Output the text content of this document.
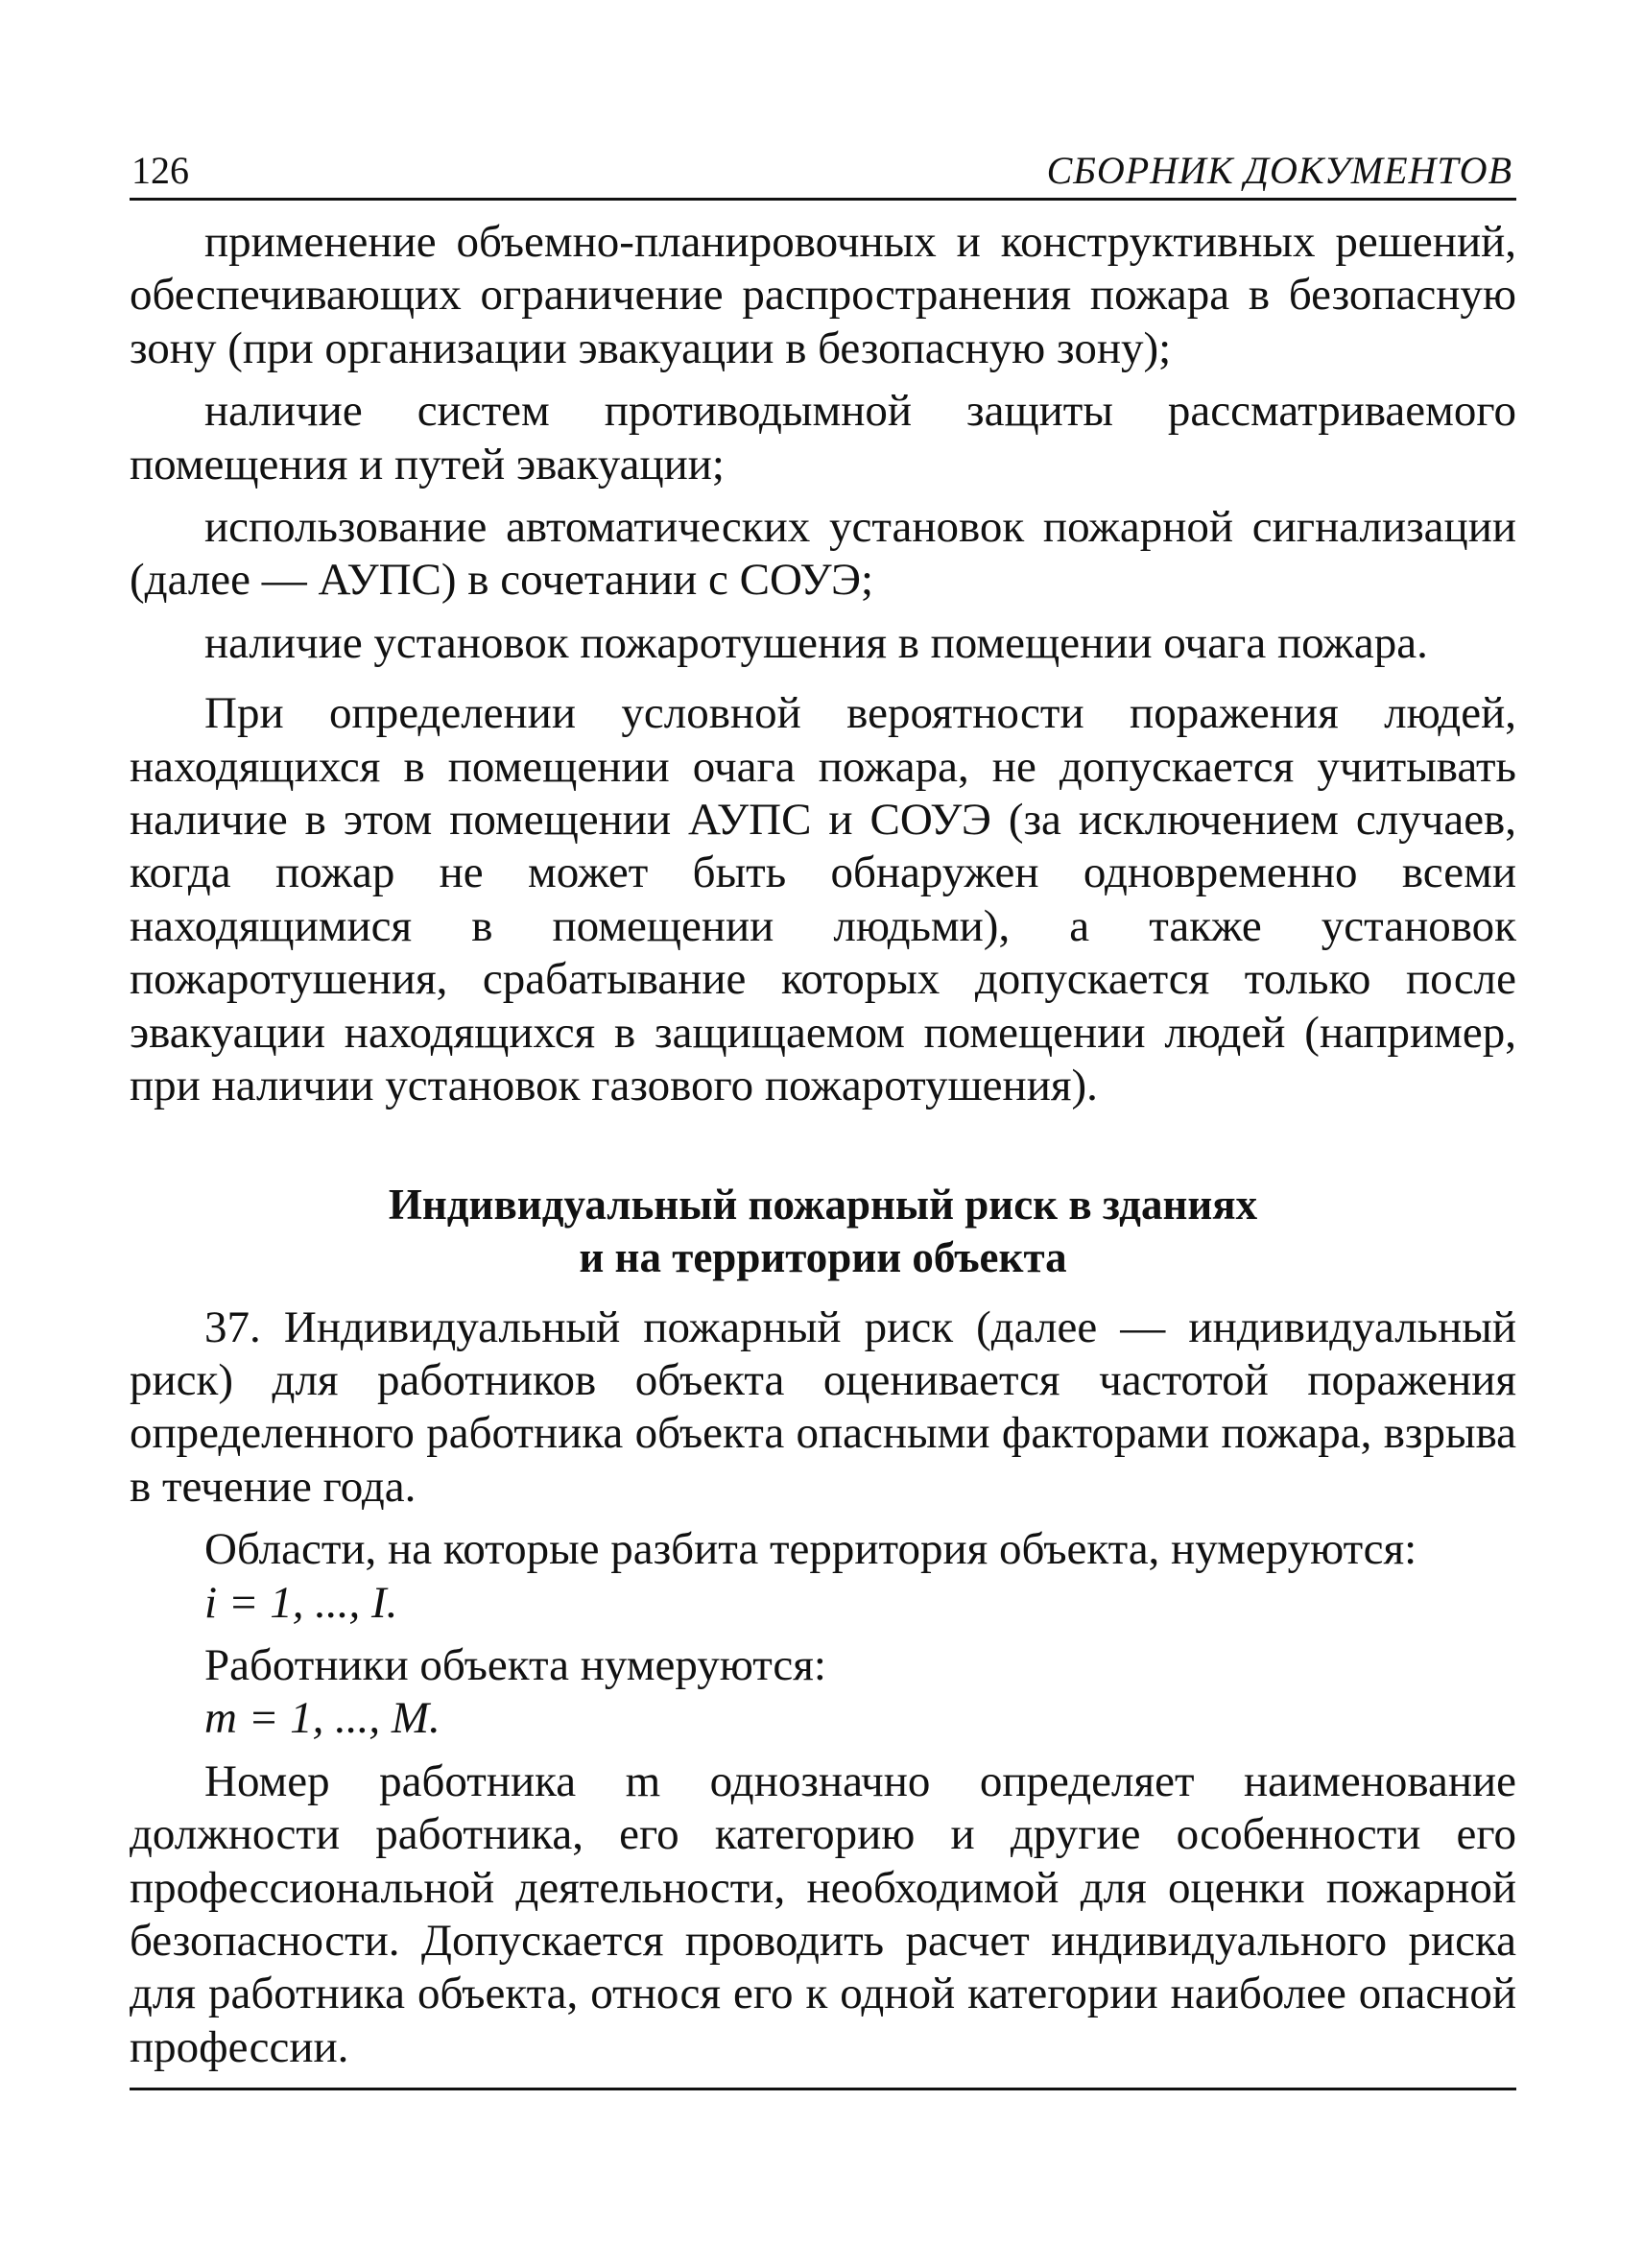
126	СБОРНИК ДОКУМЕНТОВ

применение объемно-планировочных и конструктивных решений, обеспечивающих ограничение распространения пожара в безопасную зону (при организации эвакуации в безопасную зону);

наличие систем противодымной защиты рассматриваемого помещения и путей эвакуации;

использование автоматических установок пожарной сигнализации (далее — АУПС) в сочетании с СОУЭ;

наличие установок пожаротушения в помещении очага пожара.

При определении условной вероятности поражения людей, находящихся в помещении очага пожара, не допускается учитывать наличие в этом помещении АУПС и СОУЭ (за исключением случаев, когда пожар не может быть обнаружен одновременно всеми находящимися в помещении людьми), а также установок пожаротушения, срабатывание которых допускается только после эвакуации находящихся в защищаемом помещении людей (например, при наличии установок газового пожаротушения).

Индивидуальный пожарный риск в зданиях
и на территории объекта

37. Индивидуальный пожарный риск (далее — индивидуальный риск) для работников объекта оценивается частотой поражения определенного работника объекта опасными факторами пожара, взрыва в течение года.

Области, на которые разбита территория объекта, нумеруются:

i = 1, ..., I.

Работники объекта нумеруются:

m = 1, ..., M.

Номер работника m однозначно определяет наименование должности работника, его категорию и другие особенности его профессиональной деятельности, необходимой для оценки пожарной безопасности. Допускается проводить расчет индивидуального риска для работника объекта, относя его к одной категории наиболее опасной профессии.
